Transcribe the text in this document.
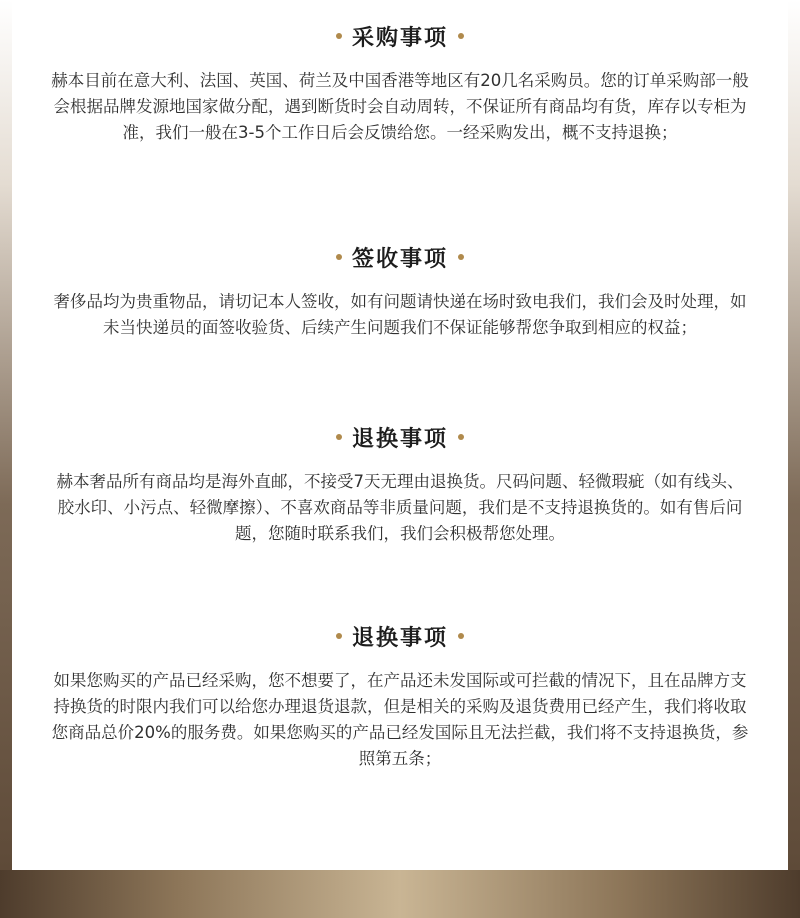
采购事项
赫本目前在意大利、法国、英国、荷兰及中国香港等地区有20几名采购员。您的订单采购部一般会根据品牌发源地国家做分配，遇到断货时会自动周转，不保证所有商品均有货，库存以专柜为准，我们一般在3-5个工作日后会反馈给您。一经采购发出，概不支持退换；
签收事项
奢侈品均为贵重物品，请切记本人签收，如有问题请快递在场时致电我们，我们会及时处理，如未当快递员的面签收验货、后续产生问题我们不保证能够帮您争取到相应的权益；
退换事项
赫本奢品所有商品均是海外直邮，不接受7天无理由退换货。尺码问题、轻微瑕疵（如有线头、胶水印、小污点、轻微摩擦）、不喜欢商品等非质量问题，我们是不支持退换货的。如有售后问题，您随时联系我们，我们会积极帮您处理。
退换事项
如果您购买的产品已经采购，您不想要了，在产品还未发国际或可拦截的情况下，且在品牌方支持换货的时限内我们可以给您办理退货退款，但是相关的采购及退货费用已经产生，我们将收取您商品总价20%的服务费。如果您购买的产品已经发国际且无法拦截，我们将不支持退换货，参照第五条；
